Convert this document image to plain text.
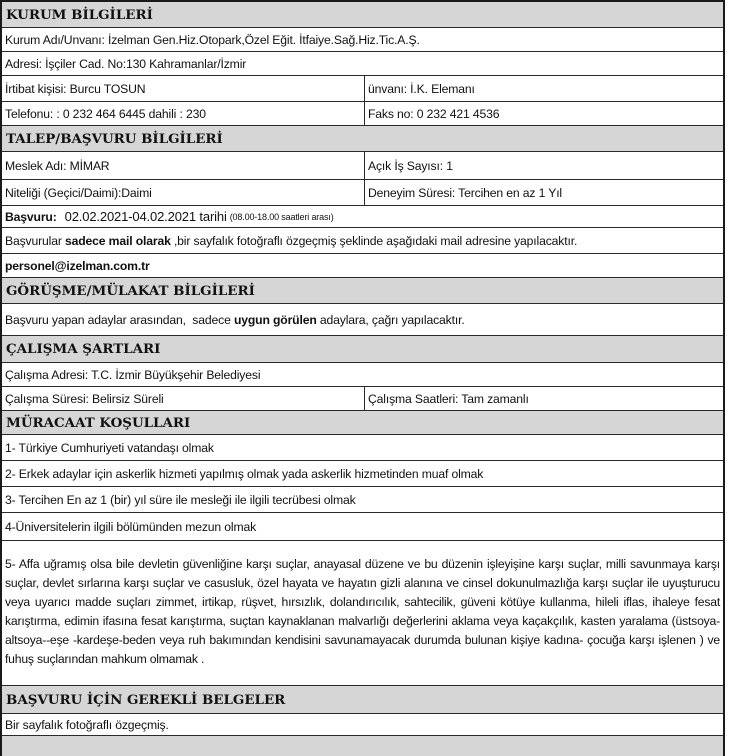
KURUM BİLGİLERİ
Kurum Adı/Unvanı: İzelman Gen.Hiz.Otopark,Özel Eğit. İtfaiye.Sağ.Hiz.Tic.A.Ş.
Adresi: İşçiler Cad. No:130 Kahramanlar/İzmir
İrtibat kişisi: Burcu TOSUN	ünvanı: İ.K. Elemanı
Telefonu: : 0 232 464 6445 dahili : 230	Faks no: 0 232 421 4536
TALEP/BAŞVURU BİLGİLERİ
Meslek Adı: MİMAR	Açık İş Sayısı: 1
Niteliği (Geçici/Daimi):Daimi	Deneyim Süresi: Tercihen en az 1 Yıl
Başvuru: 02.02.2021-04.02.2021 tarihi (08.00-18.00 saatleri arası)
Başvurular sadece mail olarak ,bir sayfalık fotoğraflı özgeçmiş şeklinde aşağıdaki mail adresine yapılacaktır.
personel@izelman.com.tr
GÖRÜŞME/MÜLAKAT BİLGİLERİ
Başvuru yapan adaylar arasından,  sadece uygun görülen adaylara, çağrı yapılacaktır.
ÇALIŞMA ŞARTLARI
Çalışma Adresi: T.C. İzmir Büyükşehir Belediyesi
Çalışma Süresi: Belirsiz Süreli	Çalışma Saatleri: Tam zamanlı
MÜRACAAT KOŞULLARI
1- Türkiye Cumhuriyeti vatandaşı olmak
2- Erkek adaylar için askerlik hizmeti yapılmış olmak yada askerlik hizmetinden muaf olmak
3- Tercihen En az 1 (bir) yıl süre ile mesleği ile ilgili tecrübesi olmak
4-Üniversitelerin ilgili bölümünden mezun olmak
5- Affa uğramış olsa bile devletin güvenliğine karşı suçlar, anayasal düzene ve bu düzenin işleyişine karşı suçlar, milli savunmaya karşı suçlar, devlet sırlarına karşı suçlar ve casusluk, özel hayata ve hayatın gizli alanına ve cinsel dokunulmazlığa karşı suçlar ile uyuşturucu veya uyarıcı madde suçları zimmet, irtikap, rüşvet, hırsızlık, dolandırıcılık, sahtecilik, güveni kötüye kullanma, hileli iflas, ihaleye fesat karıştırma, edimin ifasına fesat karıştırma, suçtan kaynaklanan malvarlığı değerlerini aklama veya kaçakçılık, kasten yaralama (üstsoya-altsoya--eşe -kardeşe-beden veya ruh bakımından kendisini savunamayacak durumda bulunan kişiye kadına- çocuğa karşı işlenen ) ve fuhuş suçlarından mahkum olmamak .
BAŞVURU İÇİN GEREKLİ BELGELER
Bir sayfalık fotoğraflı özgeçmiş.
